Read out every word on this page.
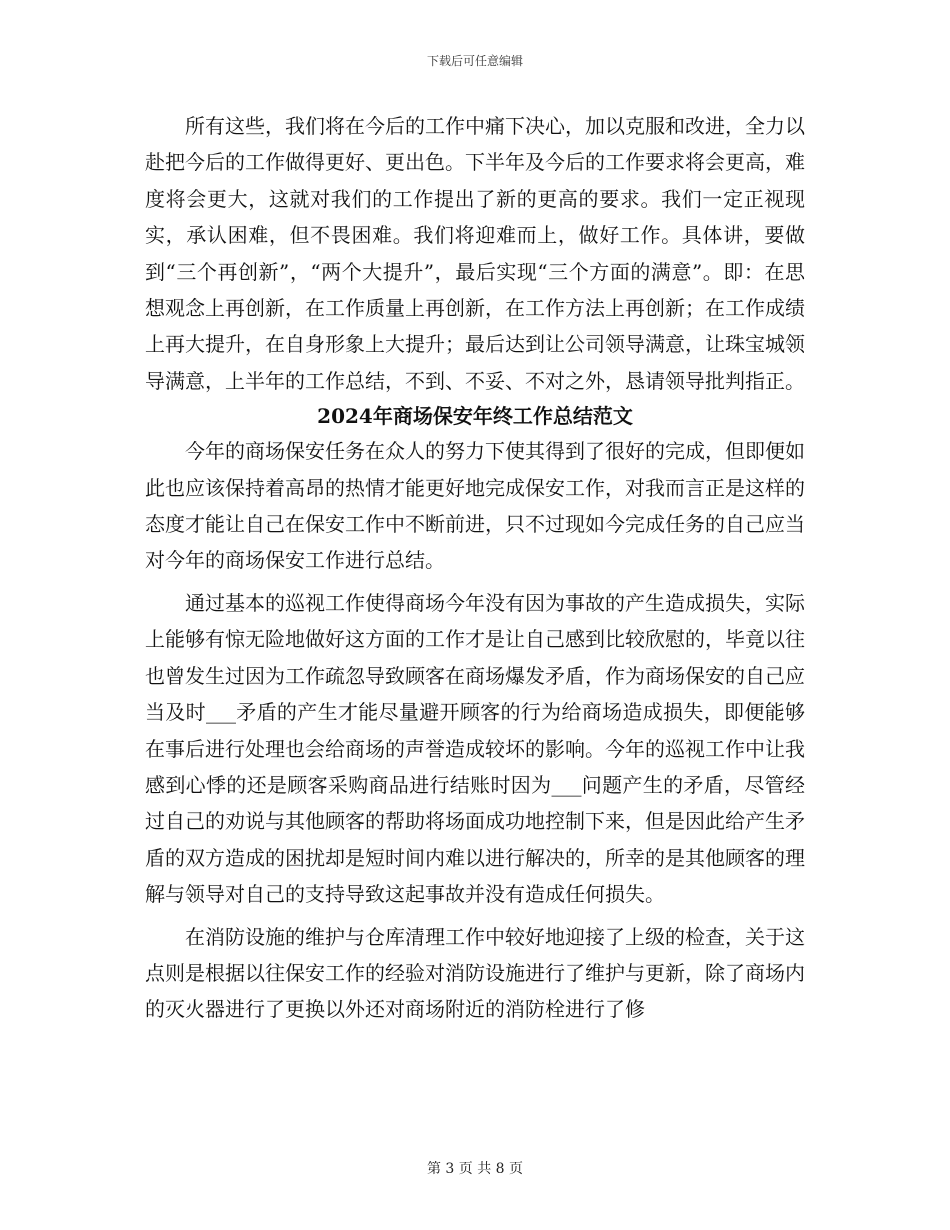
下载后可任意编辑

所有这些，我们将在今后的工作中痛下决心，加以克服和改进，全力以赴把今后的工作做得更好、更出色。下半年及今后的工作要求将会更高，难度将会更大，这就对我们的工作提出了新的更高的要求。我们一定正视现实，承认困难，但不畏困难。我们将迎难而上，做好工作。具体讲，要做到“三个再创新”，“两个大提升”，最后实现“三个方面的满意”。即：在思想观念上再创新，在工作质量上再创新，在工作方法上再创新；在工作成绩上再大提升，在自身形象上大提升；最后达到让公司领导满意，让珠宝城领导满意，上半年的工作总结，不到、不妥、不对之外，恳请领导批判指正。

2024年商场保安年终工作总结范文

今年的商场保安任务在众人的努力下使其得到了很好的完成，但即便如此也应该保持着高昂的热情才能更好地完成保安工作，对我而言正是这样的态度才能让自己在保安工作中不断前进，只不过现如今完成任务的自己应当对今年的商场保安工作进行总结。

通过基本的巡视工作使得商场今年没有因为事故的产生造成损失，实际上能够有惊无险地做好这方面的工作才是让自己感到比较欣慰的，毕竟以往也曾发生过因为工作疏忽导致顾客在商场爆发矛盾，作为商场保安的自己应当及时___矛盾的产生才能尽量避开顾客的行为给商场造成损失，即便能够在事后进行处理也会给商场的声誉造成较坏的影响。今年的巡视工作中让我感到心悸的还是顾客采购商品进行结账时因为___问题产生的矛盾，尽管经过自己的劝说与其他顾客的帮助将场面成功地控制下来，但是因此给产生矛盾的双方造成的困扰却是短时间内难以进行解决的，所幸的是其他顾客的理解与领导对自己的支持导致这起事故并没有造成任何损失。

在消防设施的维护与仓库清理工作中较好地迎接了上级的检查，关于这点则是根据以往保安工作的经验对消防设施进行了维护与更新，除了商场内的灭火器进行了更换以外还对商场附近的消防栓进行了修

第 3 页 共 8 页
